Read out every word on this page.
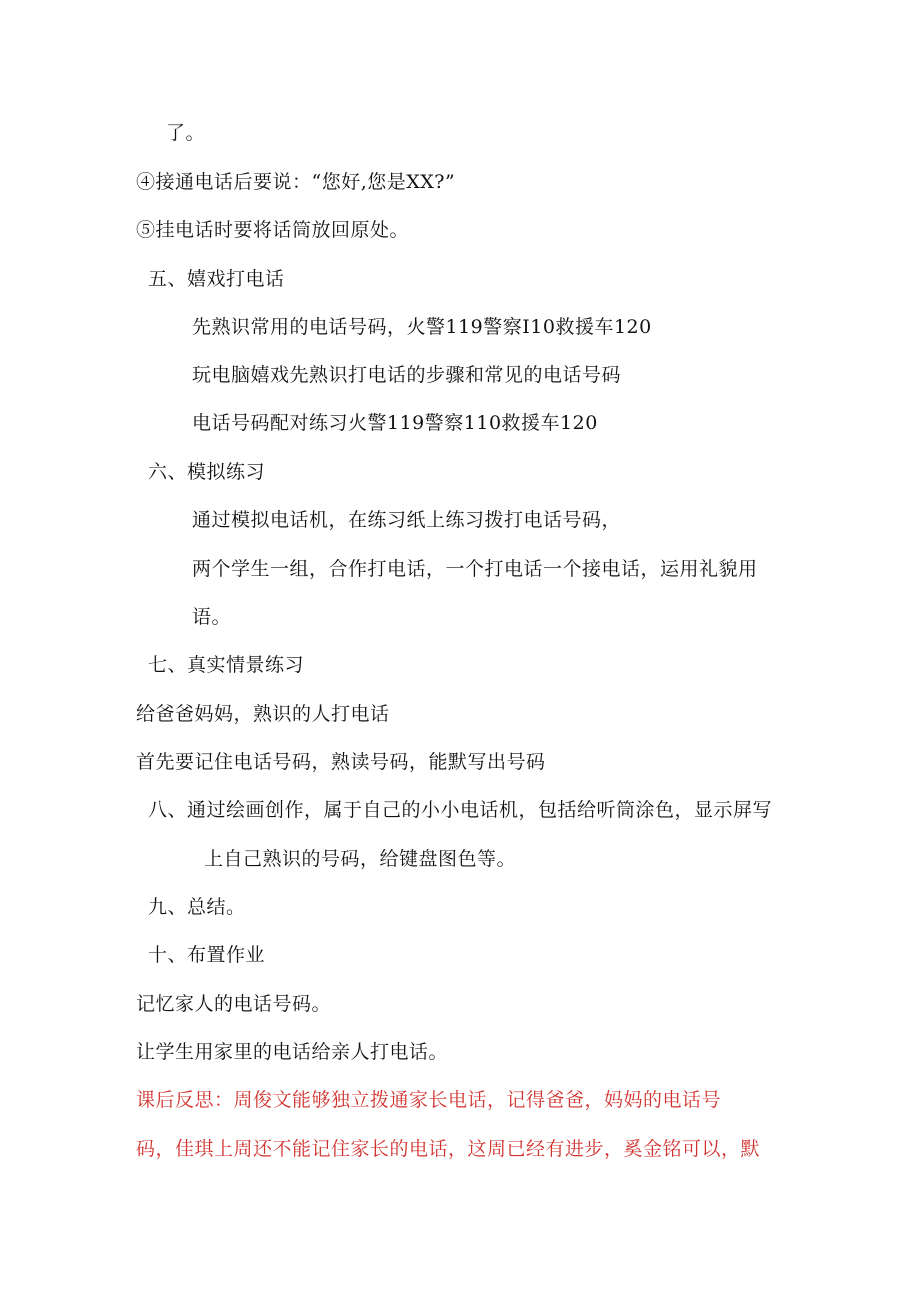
了。
④接通电话后要说：“您好,您是XX?”
⑤挂电话时要将话筒放回原处。
五、嬉戏打电话
先熟识常用的电话号码，火警119警察I10救援车120
玩电脑嬉戏先熟识打电话的步骤和常见的电话号码
电话号码配对练习火警119警察110救援车120
六、模拟练习
通过模拟电话机，在练习纸上练习拨打电话号码，
两个学生一组，合作打电话，一个打电话一个接电话，运用礼貌用
语。
七、真实情景练习
给爸爸妈妈，熟识的人打电话
首先要记住电话号码，熟读号码，能默写出号码
八、通过绘画创作，属于自己的小小电话机，包括给听筒涂色，显示屏写
上自己熟识的号码，给键盘图色等。
九、总结。
十、布置作业
记忆家人的电话号码。
让学生用家里的电话给亲人打电话。
课后反思：周俊文能够独立拨通家长电话，记得爸爸，妈妈的电话号
码，佳琪上周还不能记住家长的电话，这周已经有进步，奚金铭可以，默
